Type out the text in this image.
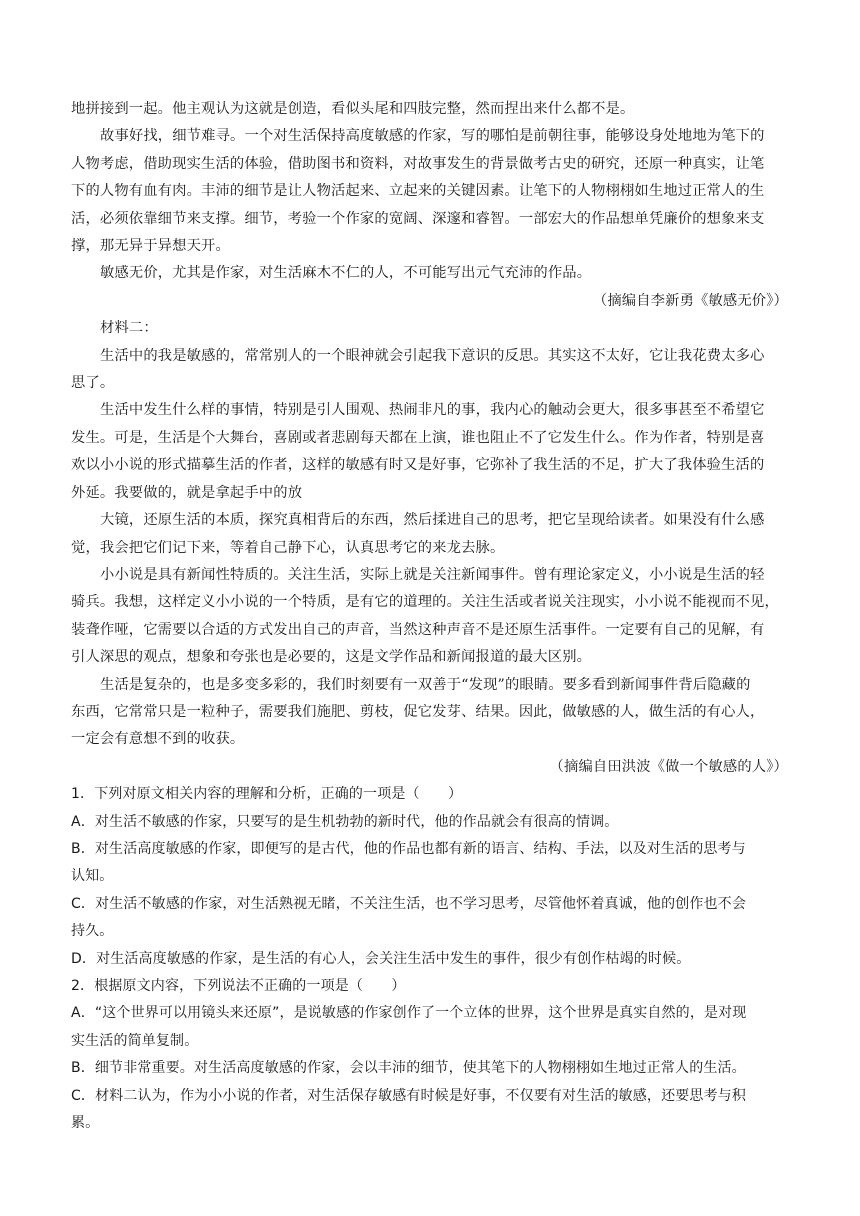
地拼接到一起。他主观认为这就是创造，看似头尾和四肢完整，然而捏出来什么都不是。
故事好找，细节难寻。一个对生活保持高度敏感的作家，写的哪怕是前朝往事，能够设身处地地为笔下的
人物考虑，借助现实生活的体验，借助图书和资料，对故事发生的背景做考古史的研究，还原一种真实，让笔
下的人物有血有肉。丰沛的细节是让人物活起来、立起来的关键因素。让笔下的人物栩栩如生地过正常人的生
活，必须依靠细节来支撑。细节，考验一个作家的宽阔、深邃和睿智。一部宏大的作品想单凭廉价的想象来支
撑，那无异于异想天开。
敏感无价，尤其是作家，对生活麻木不仁的人，不可能写出元气充沛的作品。
（摘编自李新勇《敏感无价》）
材料二：
生活中的我是敏感的，常常别人的一个眼神就会引起我下意识的反思。其实这不太好，它让我花费太多心
思了。
生活中发生什么样的事情，特别是引人围观、热闹非凡的事，我内心的触动会更大，很多事甚至不希望它
发生。可是，生活是个大舞台，喜剧或者悲剧每天都在上演，谁也阻止不了它发生什么。作为作者，特别是喜
欢以小小说的形式描摹生活的作者，这样的敏感有时又是好事，它弥补了我生活的不足，扩大了我体验生活的
外延。我要做的，就是拿起手中的放
大镜，还原生活的本质，探究真相背后的东西，然后揉进自己的思考，把它呈现给读者。如果没有什么感
觉，我会把它们记下来，等着自己静下心，认真思考它的来龙去脉。
小小说是具有新闻性特质的。关注生活，实际上就是关注新闻事件。曾有理论家定义，小小说是生活的轻
骑兵。我想，这样定义小小说的一个特质，是有它的道理的。关注生活或者说关注现实，小小说不能视而不见，
装聋作哑，它需要以合适的方式发出自己的声音，当然这种声音不是还原生活事件。一定要有自己的见解，有
引人深思的观点，想象和夸张也是必要的，这是文学作品和新闻报道的最大区别。
生活是复杂的，也是多变多彩的，我们时刻要有一双善于“发现”的眼睛。要多看到新闻事件背后隐藏的
东西，它常常只是一粒种子，需要我们施肥、剪枝，促它发芽、结果。因此，做敏感的人，做生活的有心人，
一定会有意想不到的收获。
（摘编自田洪波《做一个敏感的人》）
1．下列对原文相关内容的理解和分析，正确的一项是（　　）
A．对生活不敏感的作家，只要写的是生机勃勃的新时代，他的作品就会有很高的情调。
B．对生活高度敏感的作家，即便写的是古代，他的作品也都有新的语言、结构、手法，以及对生活的思考与
认知。
C．对生活不敏感的作家，对生活熟视无睹，不关注生活，也不学习思考，尽管他怀着真诚，他的创作也不会
持久。
D．对生活高度敏感的作家，是生活的有心人，会关注生活中发生的事件，很少有创作枯竭的时候。
2．根据原文内容，下列说法不正确的一项是（　　）
A．“这个世界可以用镜头来还原”，是说敏感的作家创作了一个立体的世界，这个世界是真实自然的，是对现
实生活的简单复制。
B．细节非常重要。对生活高度敏感的作家，会以丰沛的细节，使其笔下的人物栩栩如生地过正常人的生活。
C．材料二认为，作为小小说的作者，对生活保存敏感有时候是好事，不仅要有对生活的敏感，还要思考与积
累。
